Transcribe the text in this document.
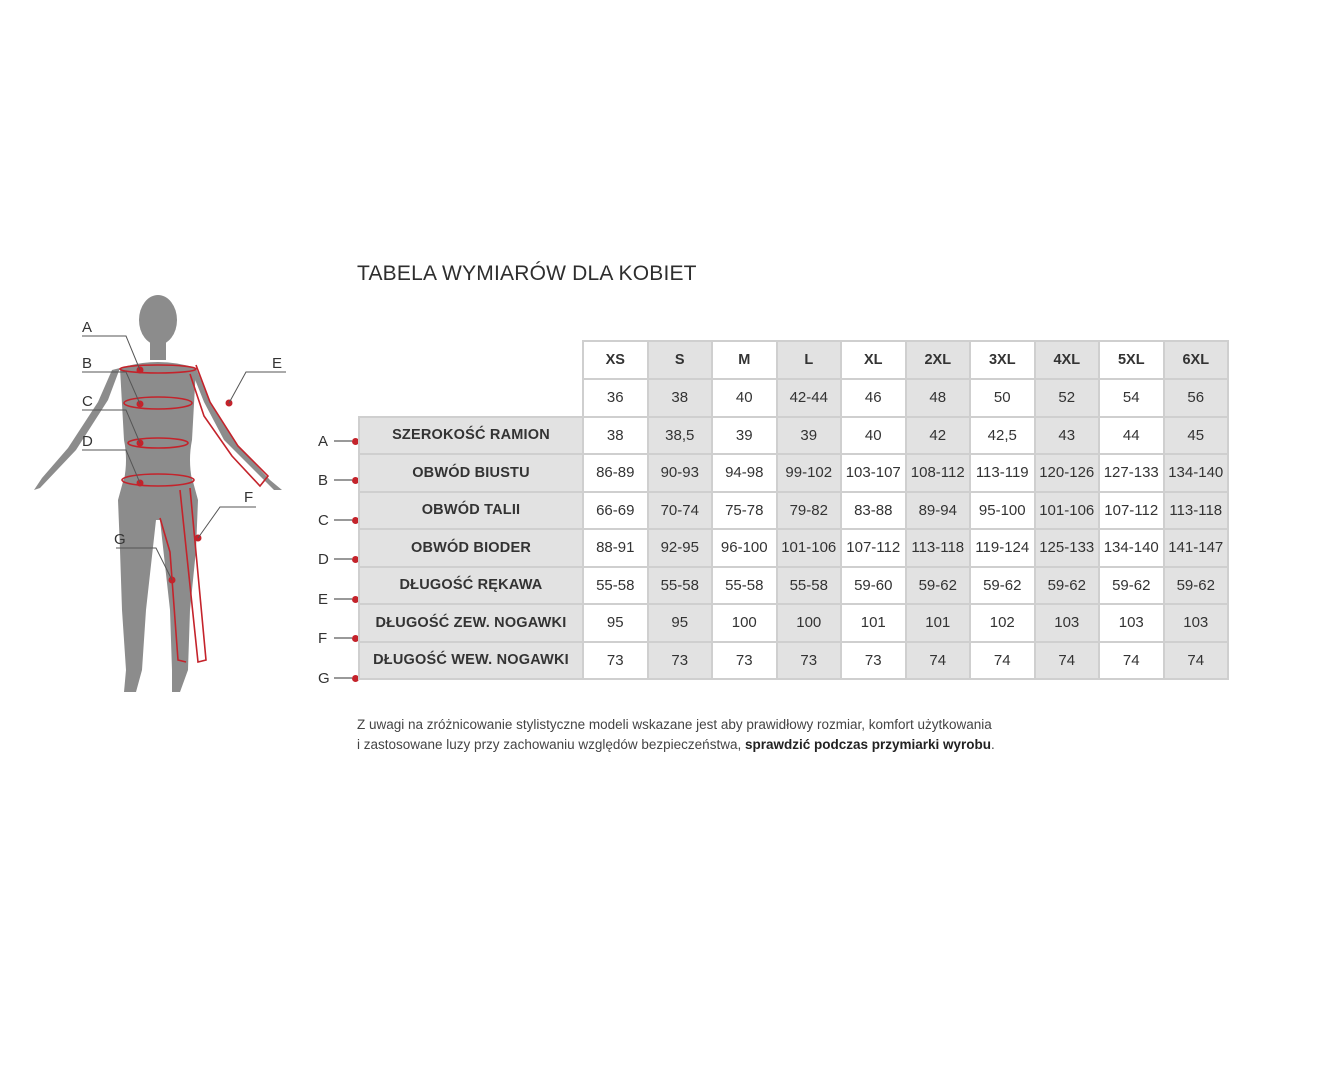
TABELA WYMIARÓW DLA KOBIET
A
B
C
D
E
F
G
A
B
C
D
E
F
G
	XS	S	M	L	XL	2XL	3XL	4XL	5XL	6XL
	36	38	40	42-44	46	48	50	52	54	56
SZEROKOŚĆ RAMION	38	38,5	39	39	40	42	42,5	43	44	45
OBWÓD BIUSTU	86-89	90-93	94-98	99-102	103-107	108-112	113-119	120-126	127-133	134-140
OBWÓD TALII	66-69	70-74	75-78	79-82	83-88	89-94	95-100	101-106	107-112	113-118
OBWÓD BIODER	88-91	92-95	96-100	101-106	107-112	113-118	119-124	125-133	134-140	141-147
DŁUGOŚĆ RĘKAWA	55-58	55-58	55-58	55-58	59-60	59-62	59-62	59-62	59-62	59-62
DŁUGOŚĆ ZEW. NOGAWKI	95	95	100	100	101	101	102	103	103	103
DŁUGOŚĆ WEW. NOGAWKI	73	73	73	73	73	74	74	74	74	74
Z uwagi na zróżnicowanie stylistyczne modeli wskazane jest aby prawidłowy rozmiar, komfort użytkowania
i zastosowane luzy przy zachowaniu względów bezpieczeństwa, sprawdzić podczas przymiarki wyrobu.
